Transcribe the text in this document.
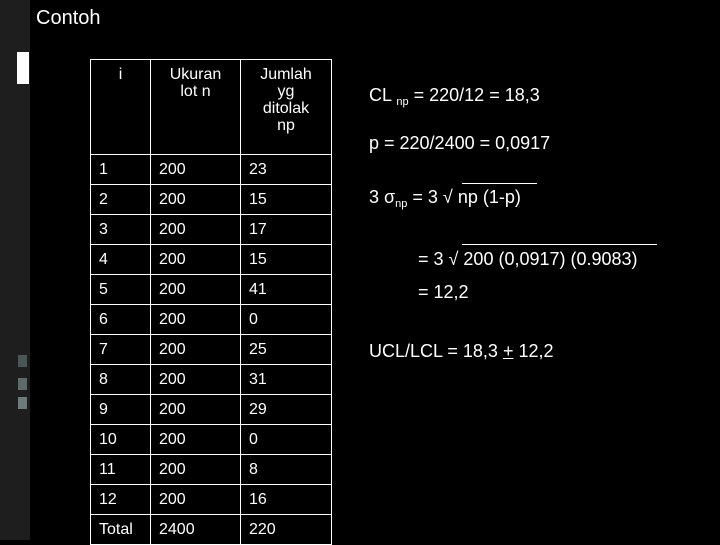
Contoh
i	Ukuran lot n	Jumlah yg ditolak np
1	200	23
2	200	15
3	200	17
4	200	15
5	200	41
6	200	0
7	200	25
8	200	31
9	200	29
10	200	0
11	200	8
12	200	16
Total	2400	220
CL $_{np}$ = 220/12 = 18,3
p = 220/2400 = 0,0917
3 $\sigma_{np} = 3$ √ np (1-p)
= 3 √ 200 (0,0917) (0.9083)
= 12,2
UCL/LCL = 18,3 + 12,2
